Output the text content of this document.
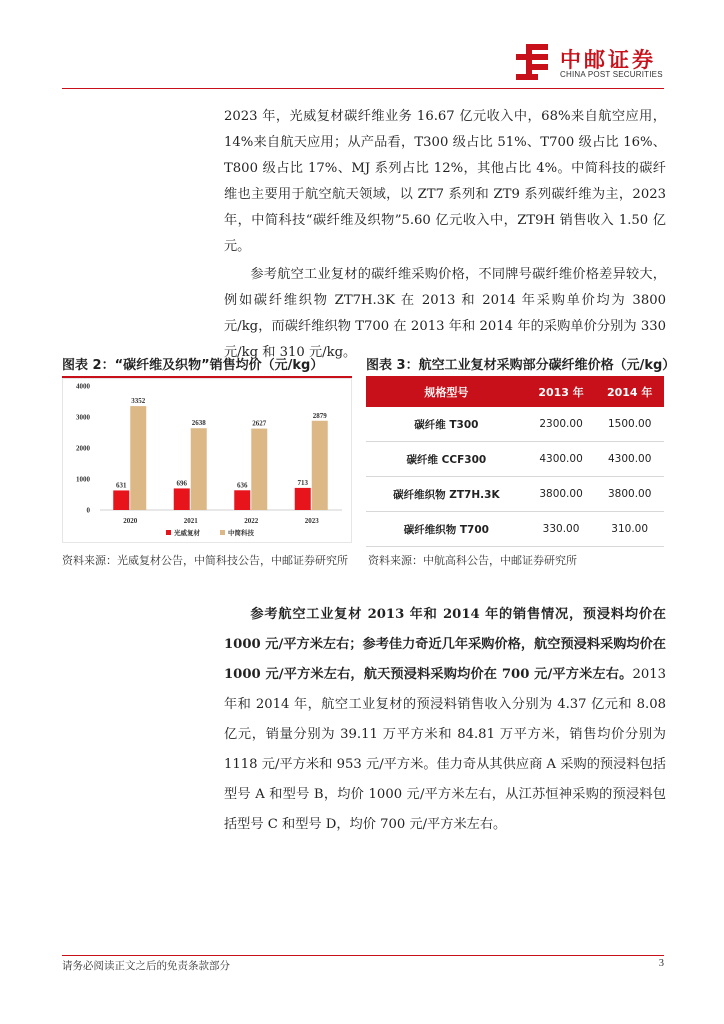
中邮证券
CHINA POST SECURITIES

2023 年，光威复材碳纤维业务 16.67 亿元收入中，68%来自航空应用，14%来自航天应用；从产品看，T300 级占比 51%、T700 级占比 16%、T800 级占比 17%、MJ 系列占比 12%，其他占比 4%。中简科技的碳纤维也主要用于航空航天领域，以 ZT7 系列和 ZT9 系列碳纤维为主，2023 年，中简科技“碳纤维及织物”5.60 亿元收入中，ZT9H 销售收入 1.50 亿元。

参考航空工业复材的碳纤维采购价格，不同牌号碳纤维价格差异较大，例如碳纤维织物 ZT7H.3K 在 2013 和 2014 年采购单价均为 3800 元/kg，而碳纤维织物 T700 在 2013 年和 2014 年的采购单价分别为 330 元/kg 和 310 元/kg。

图表 2：“碳纤维及织物”销售均价（元/kg）	图表 3：航空工业复材采购部分碳纤维价格（元/kg）
0
1000
2000
3000
4000
2020	2021	2022	2023
631
3352
696
2638
636
2627
713
2879
光威复材	中简科技
规格型号	2013 年	2014 年
碳纤维 T300	2300.00	1500.00
碳纤维 CCF300	4300.00	4300.00
碳纤维织物 ZT7H.3K	3800.00	3800.00
碳纤维织物 T700	330.00	310.00
资料来源：光威复材公告，中简科技公告，中邮证券研究所	资料来源：中航高科公告，中邮证券研究所

参考航空工业复材 2013 年和 2014 年的销售情况，预浸料均价在 1000 元/平方米左右；参考佳力奇近几年采购价格，航空预浸料采购均价在 1000 元/平方米左右，航天预浸料采购均价在 700 元/平方米左右。2013 年和 2014 年，航空工业复材的预浸料销售收入分别为 4.37 亿元和 8.08 亿元，销量分别为 39.11 万平方米和 84.81 万平方米，销售均价分别为 1118 元/平方米和 953 元/平方米。佳力奇从其供应商 A 采购的预浸料包括型号 A 和型号 B，均价 1000 元/平方米左右，从江苏恒神采购的预浸料包括型号 C 和型号 D，均价 700 元/平方米左右。

请务必阅读正文之后的免责条款部分	3
